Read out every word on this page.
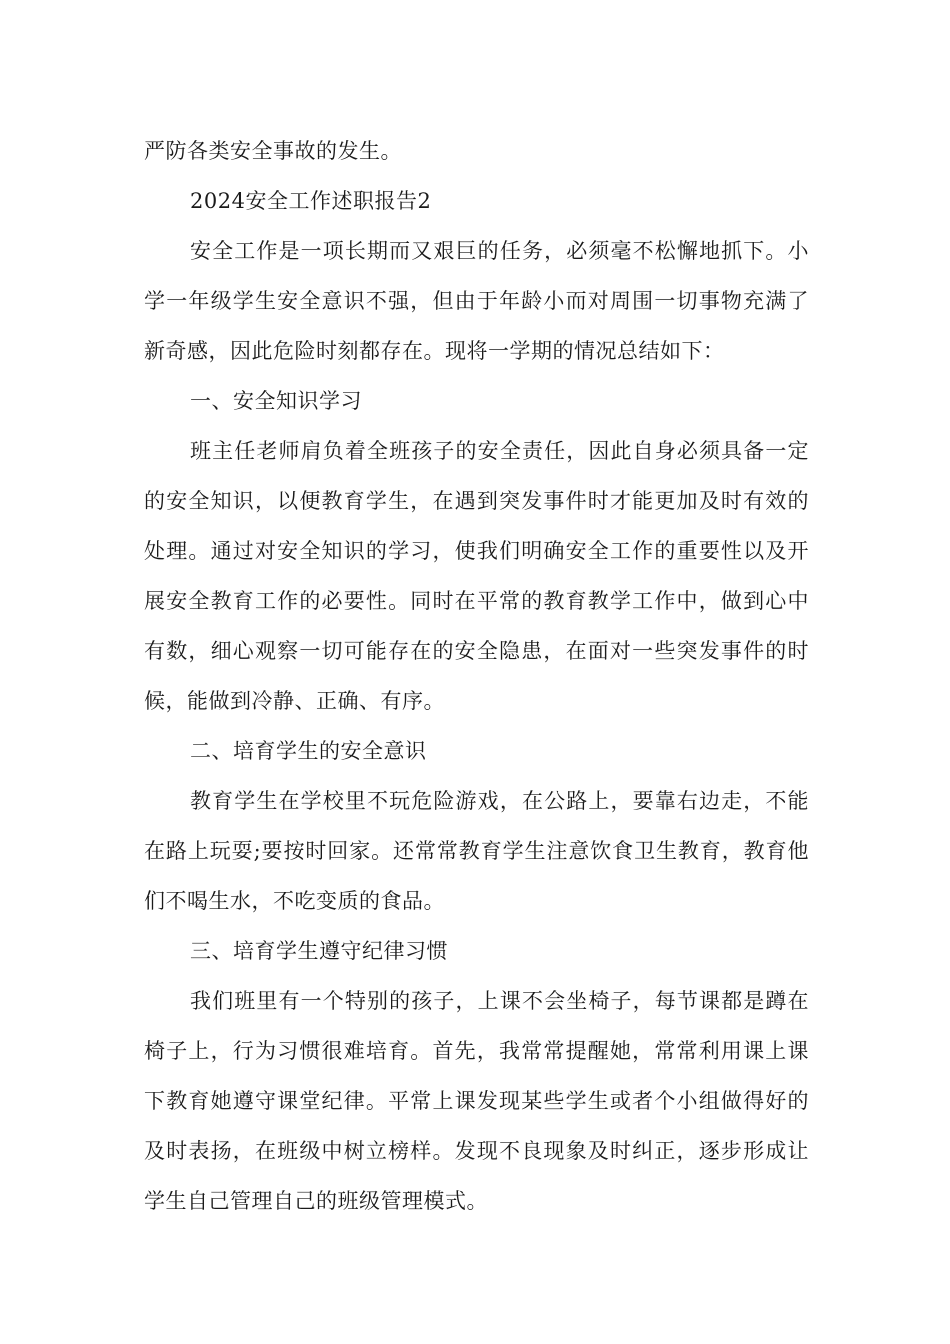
严防各类安全事故的发生。

2024安全工作述职报告2

安全工作是一项长期而又艰巨的任务，必须毫不松懈地抓下。小学一年级学生安全意识不强，但由于年龄小而对周围一切事物充满了新奇感，因此危险时刻都存在。现将一学期的情况总结如下：

一、安全知识学习

班主任老师肩负着全班孩子的安全责任，因此自身必须具备一定的安全知识，以便教育学生，在遇到突发事件时才能更加及时有效的处理。通过对安全知识的学习，使我们明确安全工作的重要性以及开展安全教育工作的必要性。同时在平常的教育教学工作中，做到心中有数，细心观察一切可能存在的安全隐患，在面对一些突发事件的时候，能做到冷静、正确、有序。

二、培育学生的安全意识

教育学生在学校里不玩危险游戏，在公路上，要靠右边走，不能在路上玩耍;要按时回家。还常常教育学生注意饮食卫生教育，教育他们不喝生水，不吃变质的食品。

三、培育学生遵守纪律习惯

我们班里有一个特别的孩子，上课不会坐椅子，每节课都是蹲在椅子上，行为习惯很难培育。首先，我常常提醒她，常常利用课上课下教育她遵守课堂纪律。平常上课发现某些学生或者个小组做得好的及时表扬，在班级中树立榜样。发现不良现象及时纠正，逐步形成让学生自己管理自己的班级管理模式。
